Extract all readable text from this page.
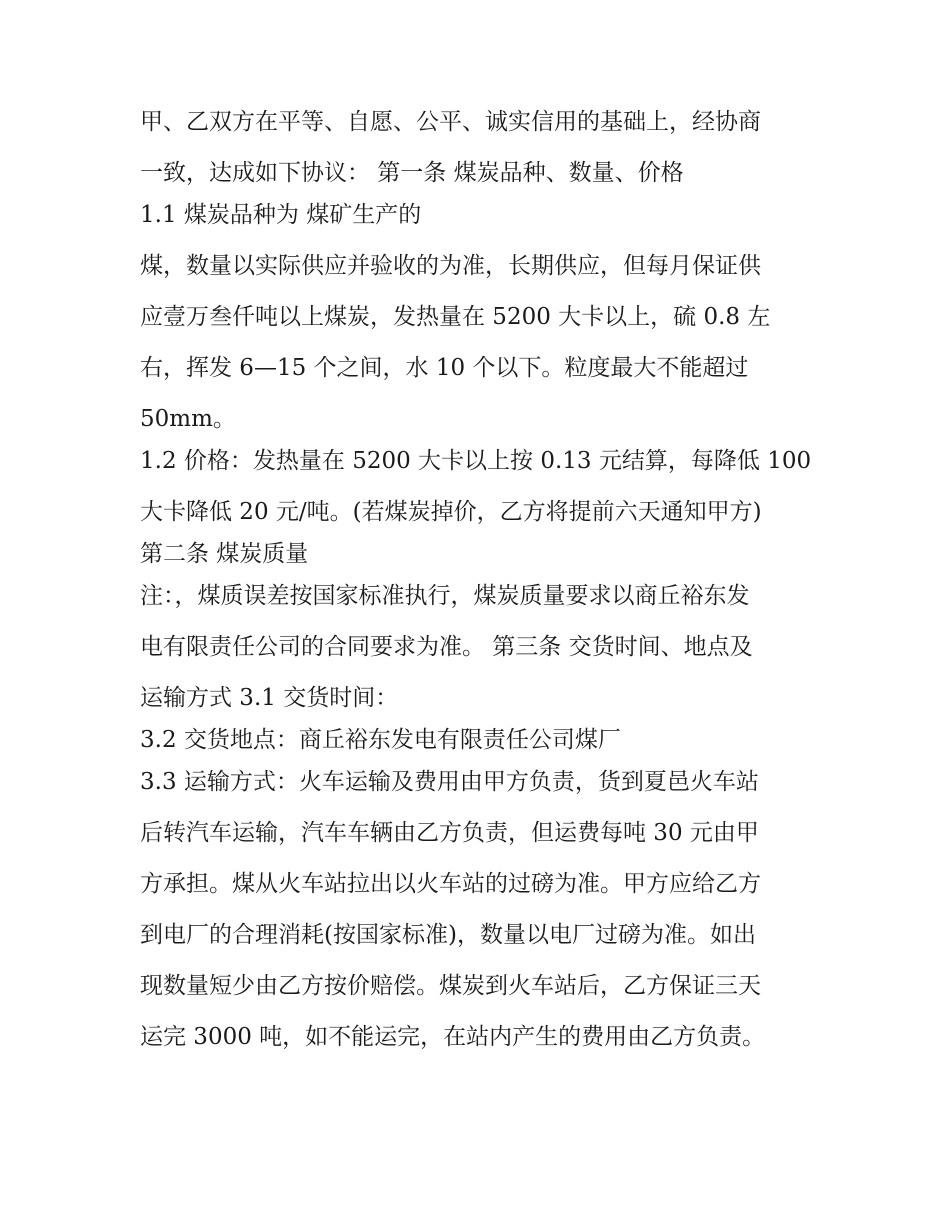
甲、乙双方在平等、自愿、公平、诚实信用的基础上，经协商
一致，达成如下协议： 第一条 煤炭品种、数量、价格
1.1 煤炭品种为 煤矿生产的
煤，数量以实际供应并验收的为准，长期供应，但每月保证供
应壹万叁仟吨以上煤炭，发热量在 5200 大卡以上，硫 0.8 左
右，挥发 6—15 个之间，水 10 个以下。粒度最大不能超过
50mm。
1.2 价格：发热量在 5200 大卡以上按 0.13 元结算，每降低 100
大卡降低 20 元/吨。(若煤炭掉价，乙方将提前六天通知甲方)
第二条 煤炭质量
注：，煤质误差按国家标准执行，煤炭质量要求以商丘裕东发
电有限责任公司的合同要求为准。 第三条 交货时间、地点及
运输方式 3.1 交货时间：
3.2 交货地点：商丘裕东发电有限责任公司煤厂
3.3 运输方式：火车运输及费用由甲方负责，货到夏邑火车站
后转汽车运输，汽车车辆由乙方负责，但运费每吨 30 元由甲
方承担。煤从火车站拉出以火车站的过磅为准。甲方应给乙方
到电厂的合理消耗(按国家标准)，数量以电厂过磅为准。如出
现数量短少由乙方按价赔偿。煤炭到火车站后，乙方保证三天
运完 3000 吨，如不能运完，在站内产生的费用由乙方负责。
